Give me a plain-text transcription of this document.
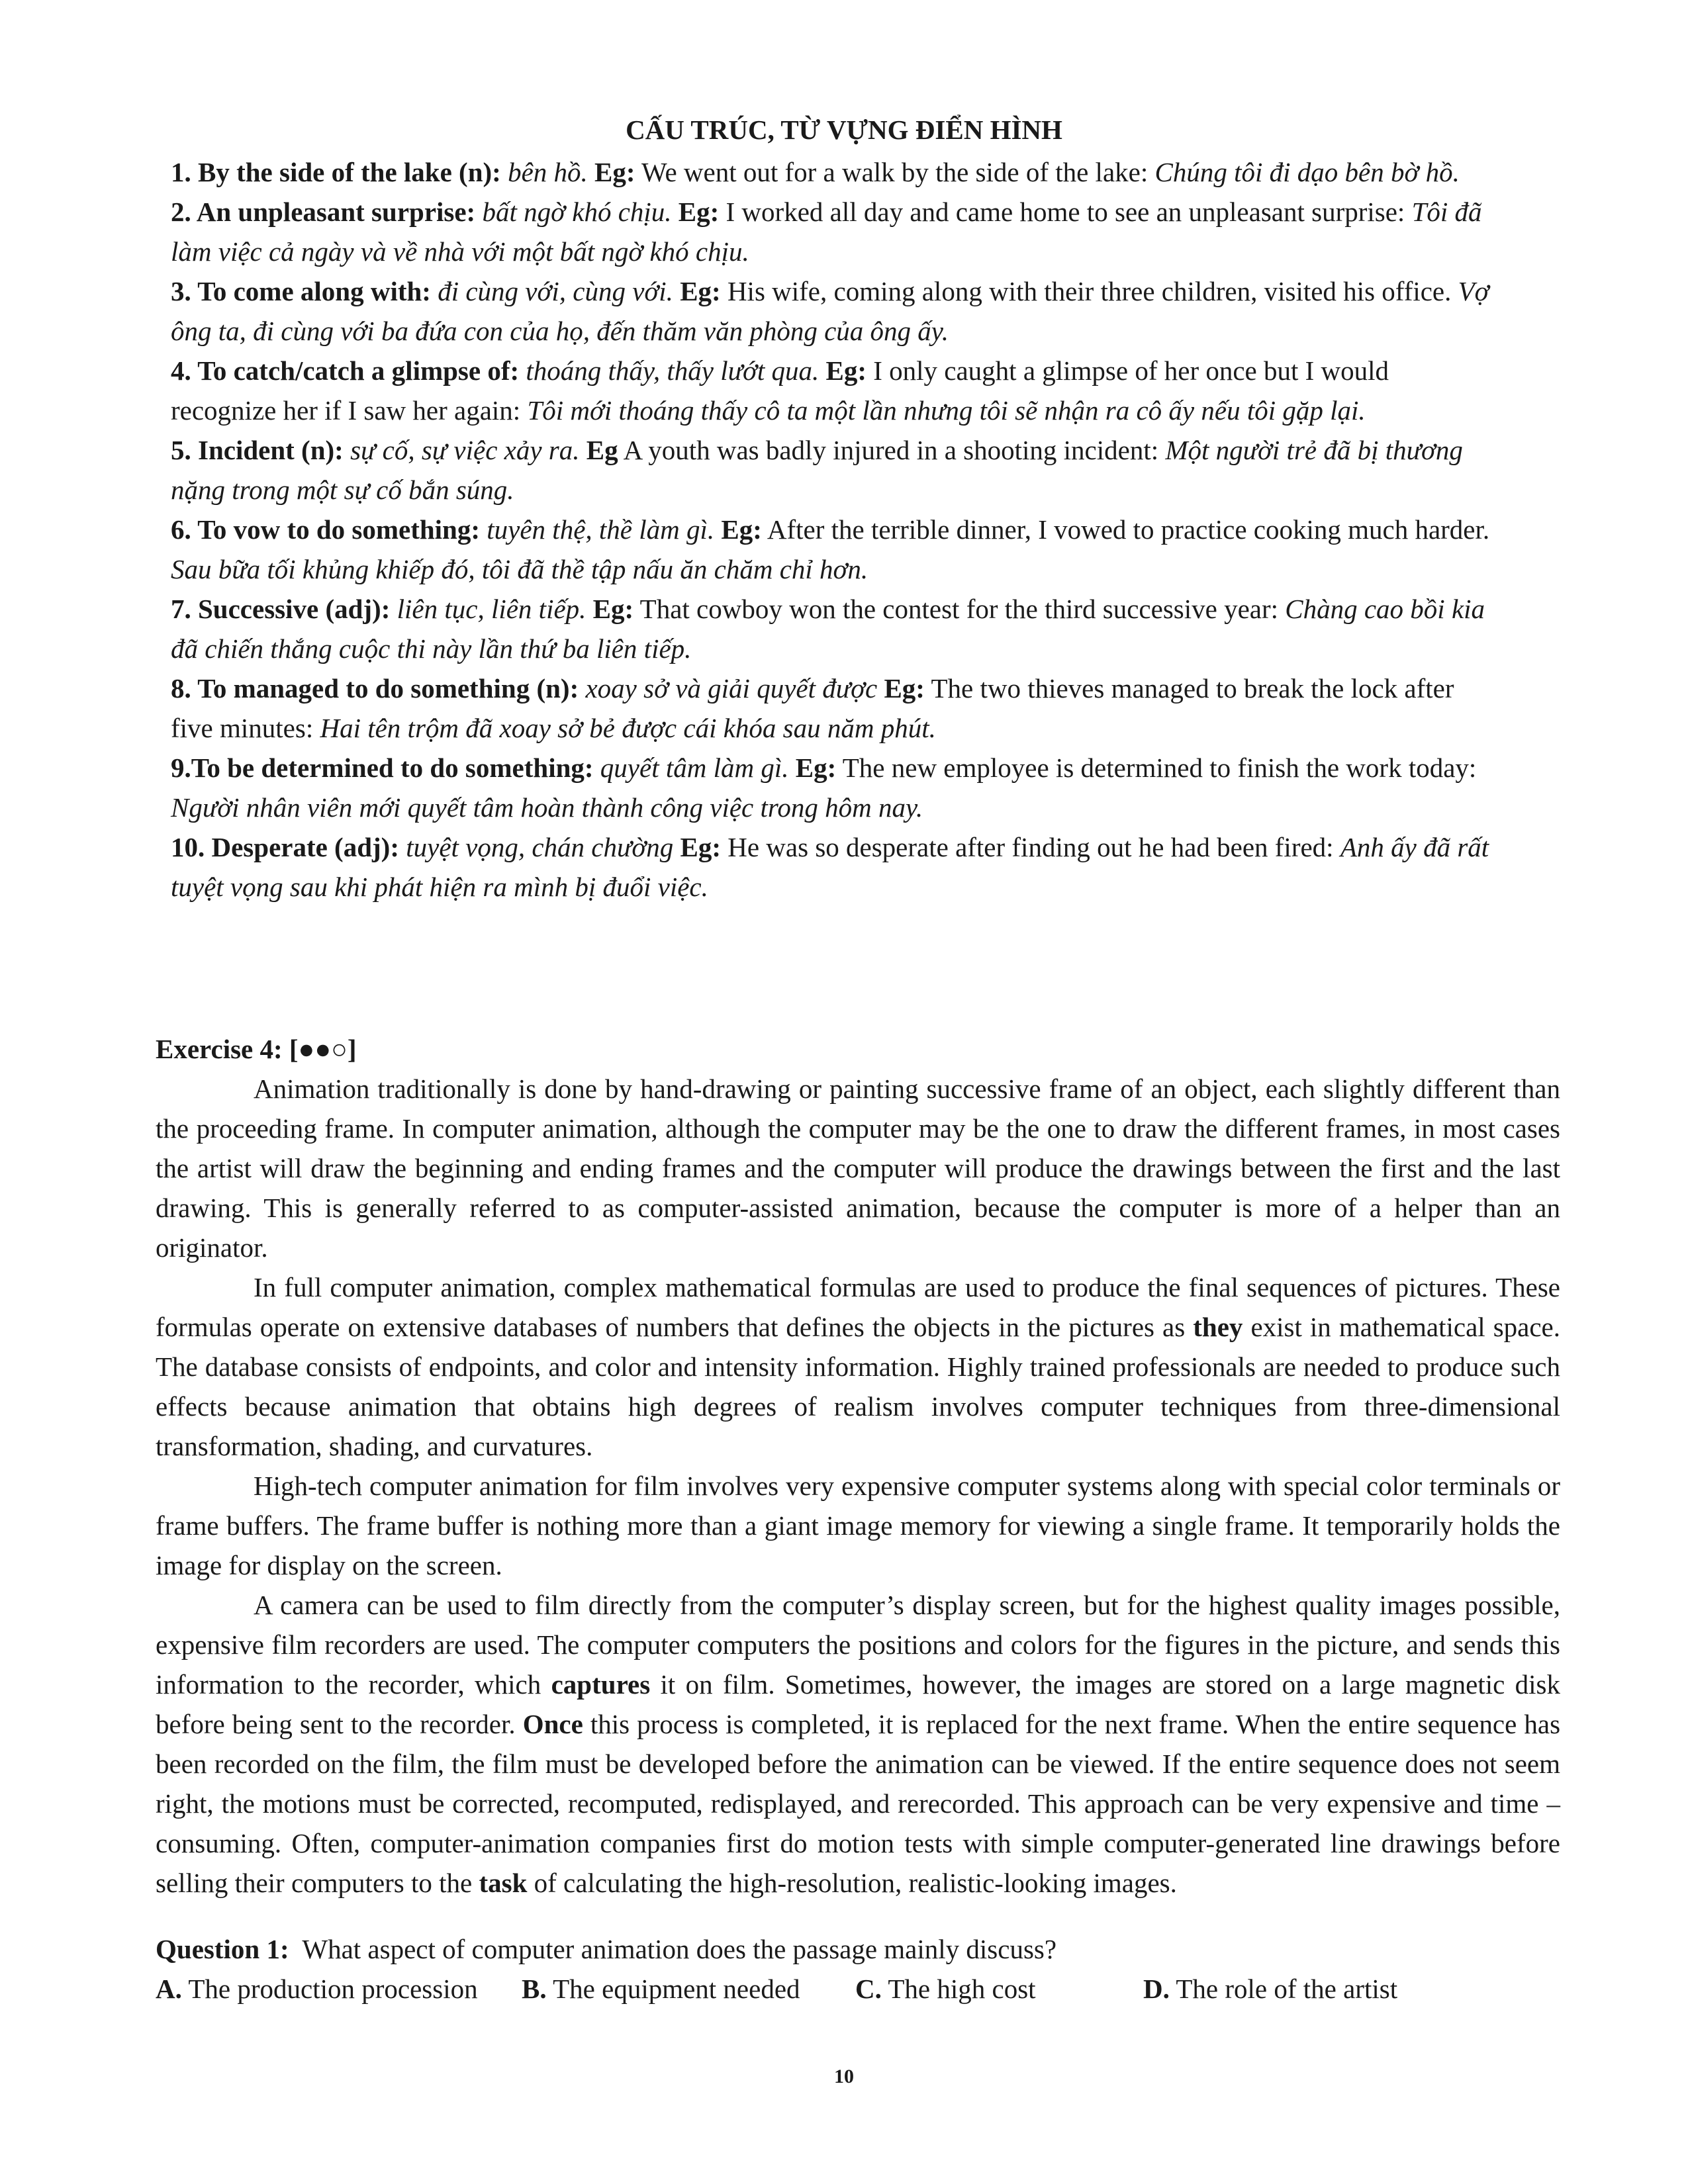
CẤU TRÚC, TỪ VỰNG ĐIỂN HÌNH

1. By the side of the lake (n): bên hồ. Eg: We went out for a walk by the side of the lake: Chúng tôi đi dạo bên bờ hồ.

2. An unpleasant surprise: bất ngờ khó chịu. Eg: I worked all day and came home to see an unpleasant surprise: Tôi đã làm việc cả ngày và về nhà với một bất ngờ khó chịu.

3. To come along with: đi cùng với, cùng với. Eg: His wife, coming along with their three children, visited his office. Vợ ông ta, đi cùng với ba đứa con của họ, đến thăm văn phòng của ông ấy.

4. To catch/catch a glimpse of: thoáng thấy, thấy lướt qua. Eg: I only caught a glimpse of her once but I would recognize her if I saw her again: Tôi mới thoáng thấy cô ta một lần nhưng tôi sẽ nhận ra cô ấy nếu tôi gặp lại.

5. Incident (n): sự cố, sự việc xảy ra. Eg A youth was badly injured in a shooting incident: Một người trẻ đã bị thương nặng trong một sự cố bắn súng.

6. To vow to do something: tuyên thệ, thề làm gì. Eg: After the terrible dinner, I vowed to practice cooking much harder. Sau bữa tối khủng khiếp đó, tôi đã thề tập nấu ăn chăm chỉ hơn.

7. Successive (adj): liên tục, liên tiếp. Eg: That cowboy won the contest for the third successive year: Chàng cao bồi kia đã chiến thắng cuộc thi này lần thứ ba liên tiếp.

8. To managed to do something (n): xoay sở và giải quyết được Eg: The two thieves managed to break the lock after five minutes: Hai tên trộm đã xoay sở bẻ được cái khóa sau năm phút.

9.To be determined to do something: quyết tâm làm gì. Eg: The new employee is determined to finish the work today: Người nhân viên mới quyết tâm hoàn thành công việc trong hôm nay.

10. Desperate (adj): tuyệt vọng, chán chường Eg: He was so desperate after finding out he had been fired: Anh ấy đã rất tuyệt vọng sau khi phát hiện ra mình bị đuổi việc.

Exercise 4: [●●○]

Animation traditionally is done by hand-drawing or painting successive frame of an object, each slightly different than the proceeding frame. In computer animation, although the computer may be the one to draw the different frames, in most cases the artist will draw the beginning and ending frames and the computer will produce the drawings between the first and the last drawing. This is generally referred to as computer-assisted animation, because the computer is more of a helper than an originator.

In full computer animation, complex mathematical formulas are used to produce the final sequences of pictures. These formulas operate on extensive databases of numbers that defines the objects in the pictures as they exist in mathematical space. The database consists of endpoints, and color and intensity information. Highly trained professionals are needed to produce such effects because animation that obtains high degrees of realism involves computer techniques from three-dimensional transformation, shading, and curvatures.

High-tech computer animation for film involves very expensive computer systems along with special color terminals or frame buffers. The frame buffer is nothing more than a giant image memory for viewing a single frame. It temporarily holds the image for display on the screen.

A camera can be used to film directly from the computer’s display screen, but for the highest quality images possible, expensive film recorders are used. The computer computers the positions and colors for the figures in the picture, and sends this information to the recorder, which captures it on film. Sometimes, however, the images are stored on a large magnetic disk before being sent to the recorder. Once this process is completed, it is replaced for the next frame. When the entire sequence has been recorded on the film, the film must be developed before the animation can be viewed. If the entire sequence does not seem right, the motions must be corrected, recomputed, redisplayed, and rerecorded. This approach can be very expensive and time – consuming. Often, computer-animation companies first do motion tests with simple computer-generated line drawings before selling their computers to the task of calculating the high-resolution, realistic-looking images.

Question 1: What aspect of computer animation does the passage mainly discuss?
A. The production procession	B. The equipment needed	C. The high cost	D. The role of the artist
10
